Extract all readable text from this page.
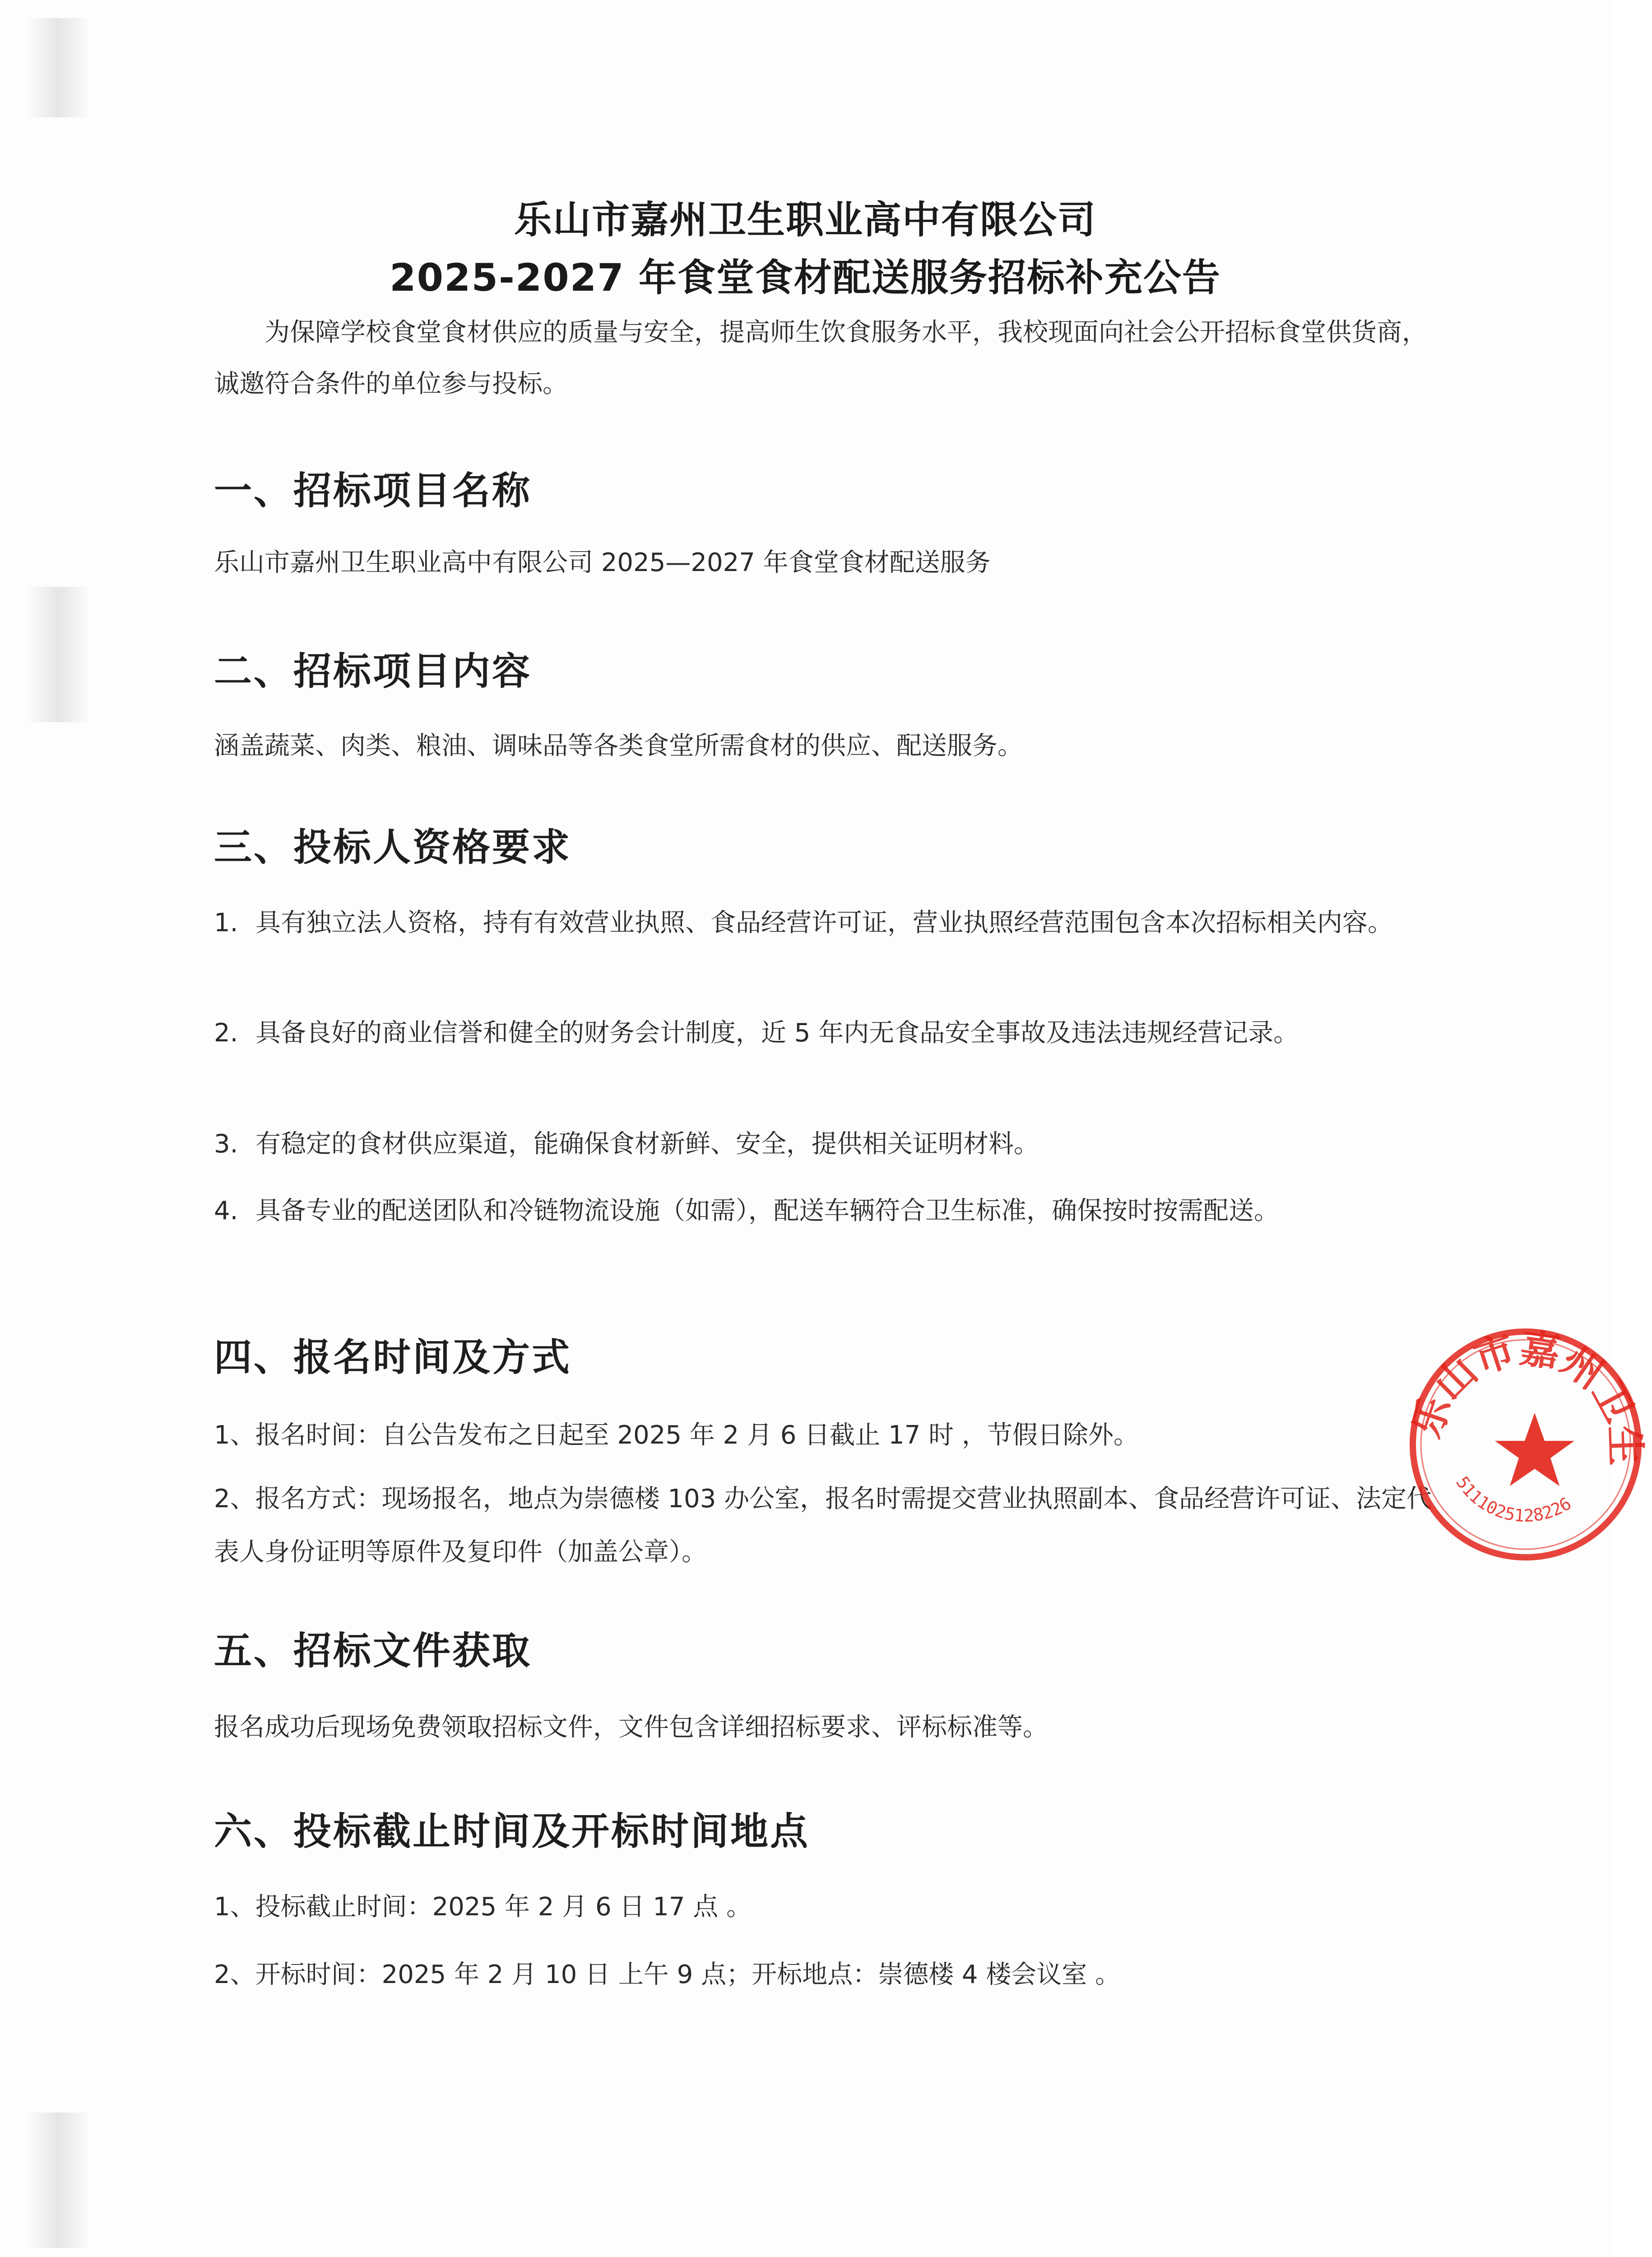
乐山市嘉州卫生职业高中有限公司
2025-2027 年食堂食材配送服务招标补充公告

为保障学校食堂食材供应的质量与安全，提高师生饮食服务水平，我校现面向社会公开招标食堂供货商，诚邀符合条件的单位参与投标。

一、招标项目名称

乐山市嘉州卫生职业高中有限公司 2025—2027 年食堂食材配送服务

二、招标项目内容

涵盖蔬菜、肉类、粮油、调味品等各类食堂所需食材的供应、配送服务。

三、投标人资格要求
1. 具有独立法人资格，持有有效营业执照、食品经营许可证，营业执照经营范围包含本次招标相关内容。
2. 具备良好的商业信誉和健全的财务会计制度，近 5 年内无食品安全事故及违法违规经营记录。
3. 有稳定的食材供应渠道，能确保食材新鲜、安全，提供相关证明材料。
4. 具备专业的配送团队和冷链物流设施（如需），配送车辆符合卫生标准，确保按时按需配送。
四、报名时间及方式

1、报名时间：自公告发布之日起至 2025 年 2 月 6 日截止 17 时 ，节假日除外。

2、报名方式：现场报名，地点为崇德楼 103 办公室，报名时需提交营业执照副本、食品经营许可证、法定代表人身份证明等原件及复印件（加盖公章）。

五、招标文件获取

报名成功后现场免费领取招标文件，文件包含详细招标要求、评标标准等。

六、投标截止时间及开标时间地点

1、投标截止时间：2025 年 2 月 6 日 17 点 。

2、开标时间：2025 年 2 月 10 日 上午 9 点；开标地点：崇德楼 4 楼会议室 。

乐山市嘉州卫生
5111025128226
